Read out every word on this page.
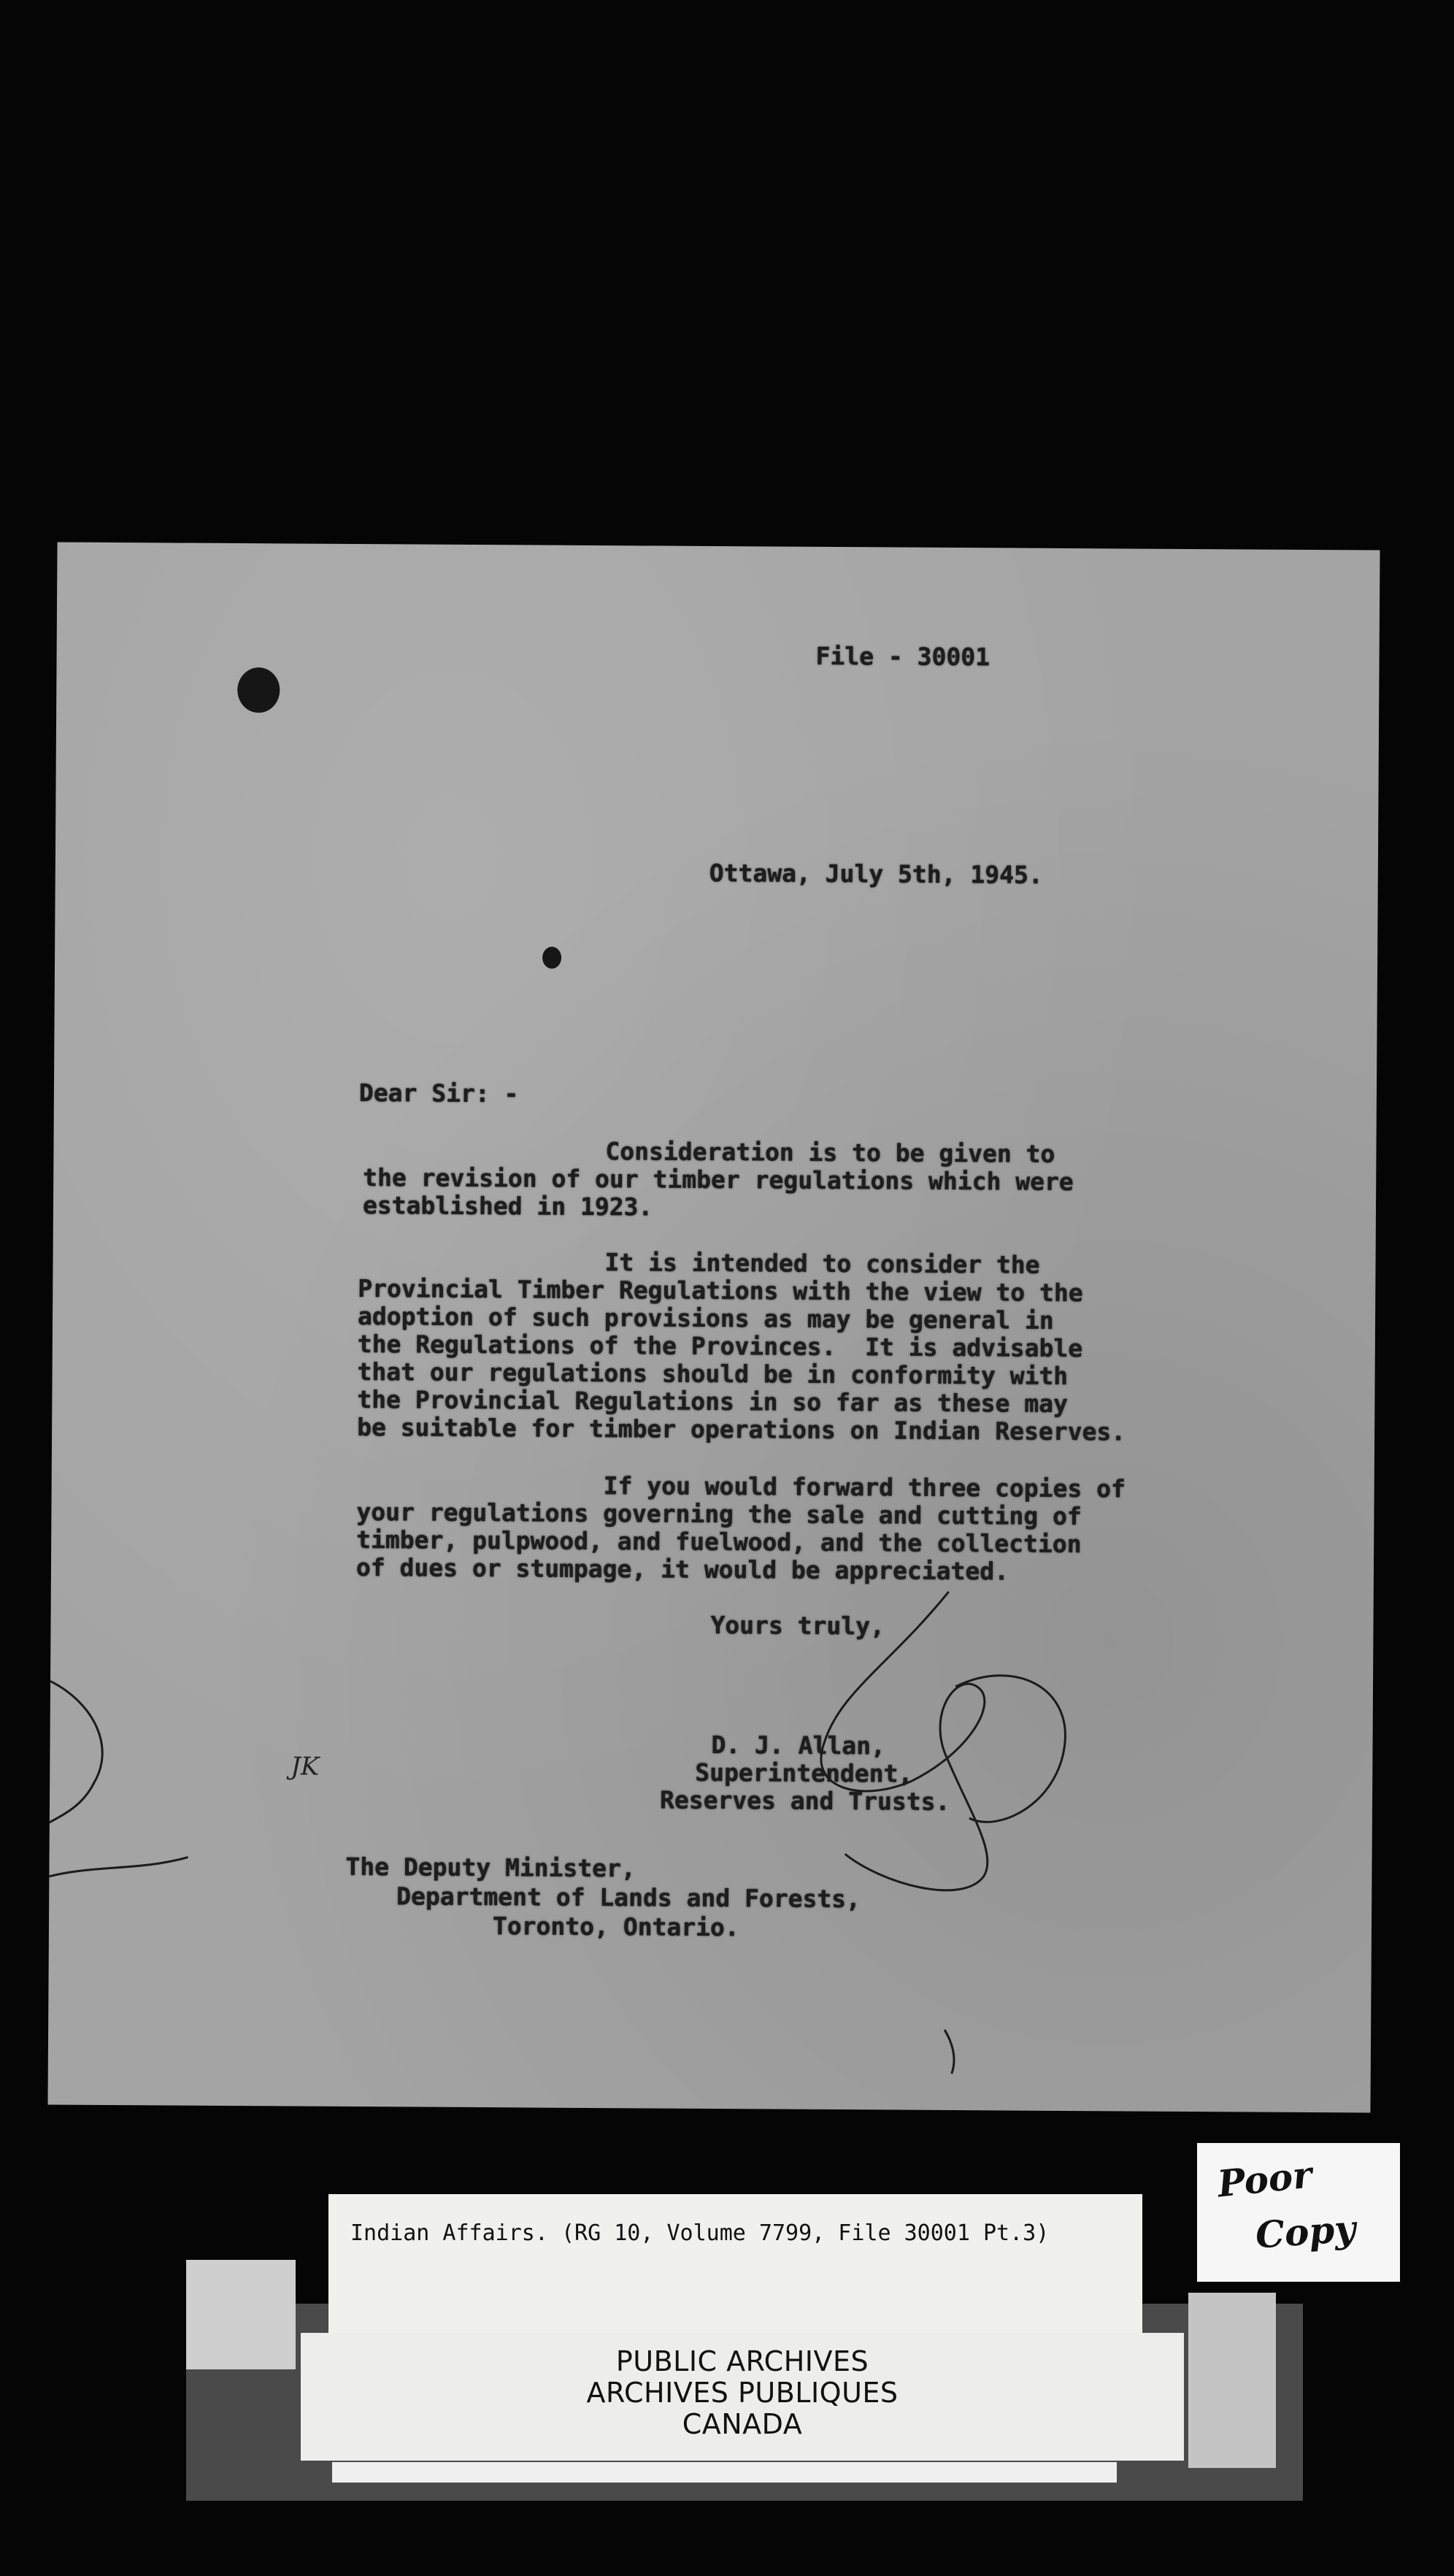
File - 30001

Ottawa, July 5th, 1945.

Dear Sir: -

Consideration is to be given to

the revision of our timber regulations which were

established in 1923.

It is intended to consider the

Provincial Timber Regulations with the view to the

adoption of such provisions as may be general in

the Regulations of the Provinces.  It is advisable

that our regulations should be in conformity with

the Provincial Regulations in so far as these may

be suitable for timber operations on Indian Reserves.

If you would forward three copies of

your regulations governing the sale and cutting of

timber, pulpwood, and fuelwood, and the collection

of dues or stumpage, it would be appreciated.

Yours truly,

JK

D. J. Allan,

Superintendent,

Reserves and Trusts.

The Deputy Minister,

Department of Lands and Forests,

Toronto, Ontario.

Indian Affairs. (RG 10, Volume 7799, File 30001 Pt.3)

PUBLIC ARCHIVES
ARCHIVES PUBLIQUES
CANADA
Poor
Copy
